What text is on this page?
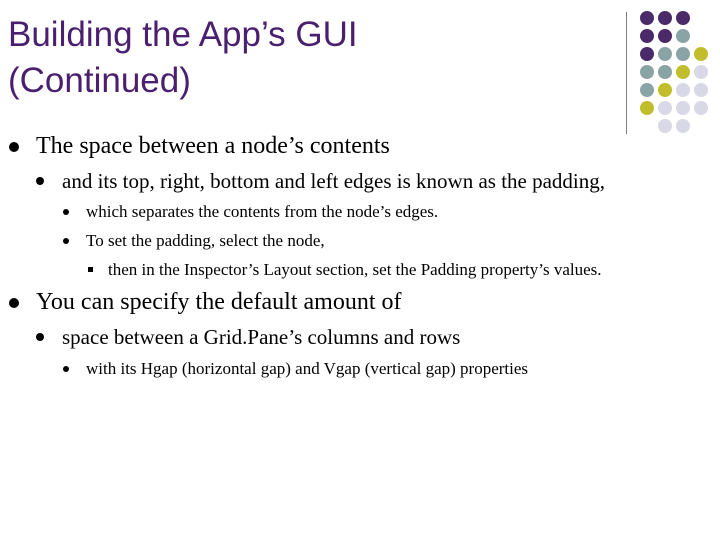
Building the App’s GUI
(Continued)
The space between a node’s contents
and its top, right, bottom and left edges is known as the padding,
which separates the contents from the node’s edges.
To set the padding, select the node,
then in the Inspector’s Layout section, set the Padding property’s values.
You can specify the default amount of
space between a Grid.Pane’s columns and rows
with its Hgap (horizontal gap) and Vgap (vertical gap) properties
